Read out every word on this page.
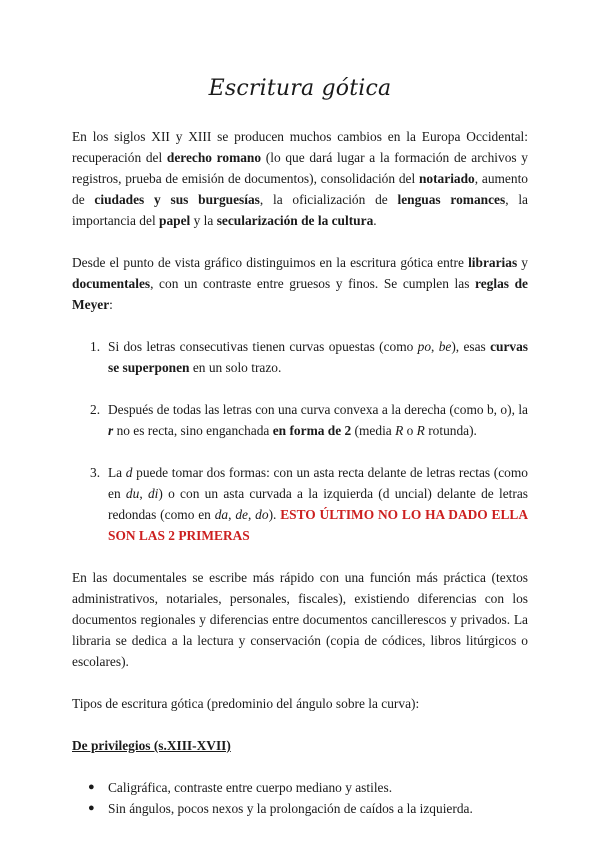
Escritura gótica

En los siglos XII y XIII se producen muchos cambios en la Europa Occidental: recuperación del derecho romano (lo que dará lugar a la formación de archivos y registros, prueba de emisión de documentos), consolidación del notariado, aumento de ciudades y sus burguesías, la oficialización de lenguas romances, la importancia del papel y la secularización de la cultura.

Desde el punto de vista gráfico distinguimos en la escritura gótica entre librarias y documentales, con un contraste entre gruesos y finos. Se cumplen las reglas de Meyer:

1. Si dos letras consecutivas tienen curvas opuestas (como po, be), esas curvas se superponen en un solo trazo.
2. Después de todas las letras con una curva convexa a la derecha (como b, o), la r no es recta, sino enganchada en forma de 2 (media R o R rotunda).
3. La d puede tomar dos formas: con un asta recta delante de letras rectas (como en du, di) o con un asta curvada a la izquierda (d uncial) delante de letras redondas (como en da, de, do). ESTO ÚLTIMO NO LO HA DADO ELLA SON LAS 2 PRIMERAS

En las documentales se escribe más rápido con una función más práctica (textos administrativos, notariales, personales, fiscales), existiendo diferencias con los documentos regionales y diferencias entre documentos cancillerescos y privados. La libraria se dedica a la lectura y conservación (copia de códices, libros litúrgicos o escolares).

Tipos de escritura gótica (predominio del ángulo sobre la curva):

De privilegios (s.XIII-XVII)
● Caligráfica, contraste entre cuerpo mediano y astiles.
● Sin ángulos, pocos nexos y la prolongación de caídos a la izquierda.
